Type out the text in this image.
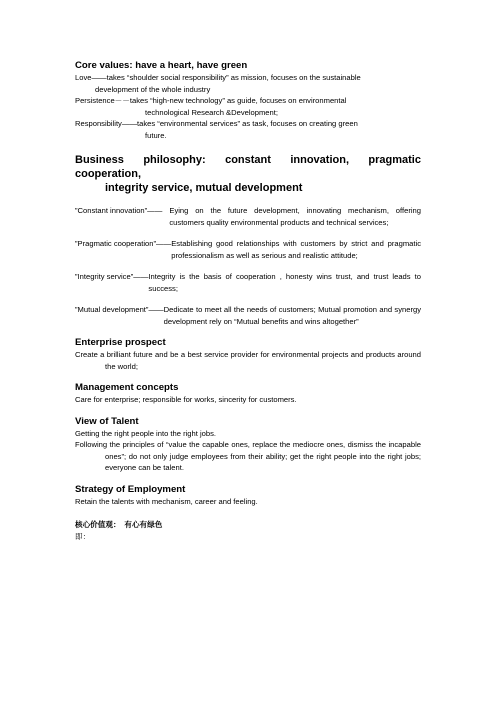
Core values: have a heart, have green

Love——takes “shoulder social responsibility” as mission, focuses on the sustainable

development of the whole industry

Persistence－－takes “high-new technology” as guide, focuses on environmental

technological Research &Development;

Responsibility——takes “environmental services” as task, focuses on creating green

future.

Business philosophy: constant innovation, pragmatic cooperation,
integrity service, mutual development
”Constant innovation”—— Eying on the future development, innovating mechanism, offering customers quality environmental products and technical services;
”Pragmatic cooperation”—— Establishing good relationships with customers by strict and pragmatic professionalism as well as serious and realistic attitude;
”Integrity service”—— Integrity is the basis of cooperation , honesty wins trust, and trust leads to success;
”Mutual development”—— Dedicate to meet all the needs of customers; Mutual promotion and synergy development rely on “Mutual benefits and wins altogether”
Enterprise prospect

Create a brilliant future and be a best service provider for environmental projects and products around the world;

Management concepts

Care for enterprise; responsible for works, sincerity for customers.

View of Talent

Getting the right people into the right jobs.

Following the principles of “value the capable ones, replace the mediocre ones, dismiss the incapable ones”; do not only judge employees from their ability; get the right people into the right jobs; everyone can be talent.

Strategy of Employment

Retain the talents with mechanism, career and feeling.

核心价值观：　有心有绿色
即：
